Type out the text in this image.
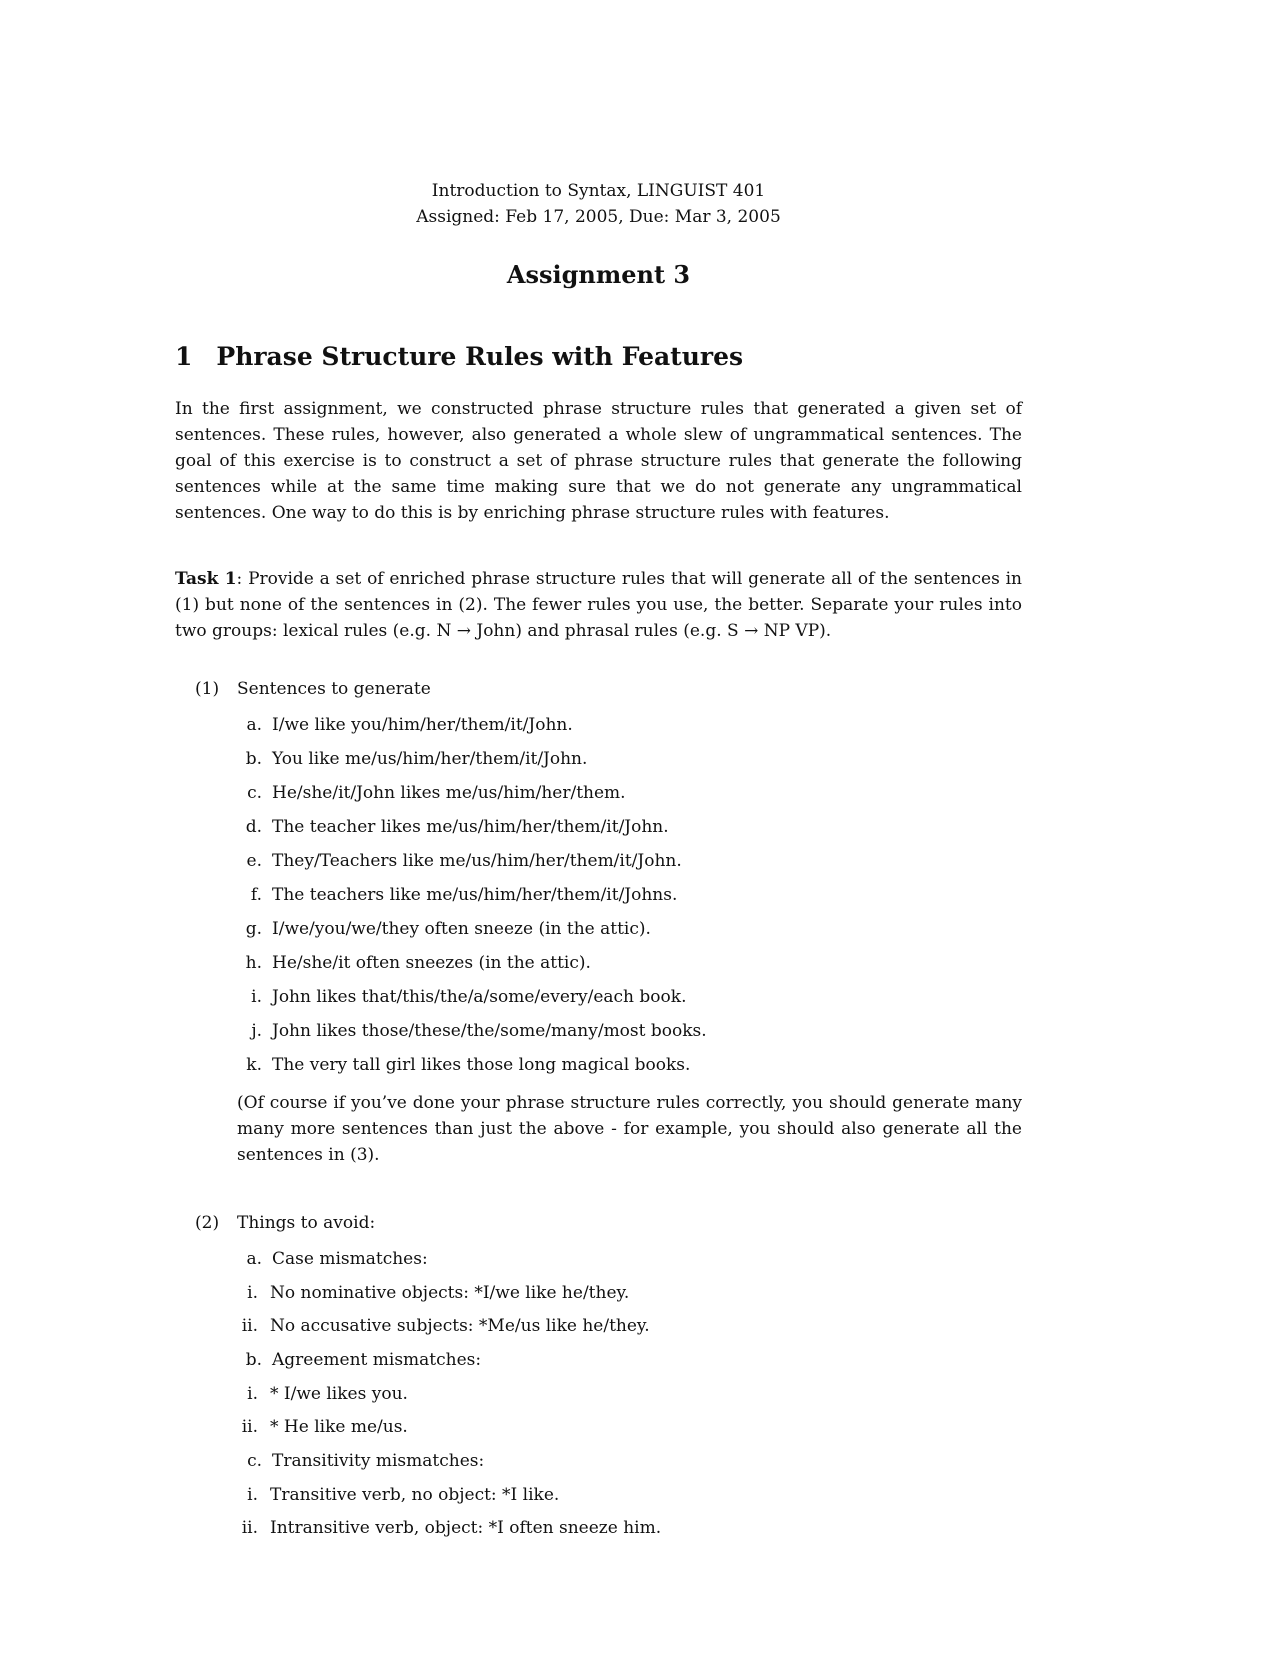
Introduction to Syntax, LINGUIST 401
Assigned: Feb 17, 2005, Due: Mar 3, 2005
Assignment 3
1 Phrase Structure Rules with Features

In the first assignment, we constructed phrase structure rules that generated a given set of sentences. These rules, however, also generated a whole slew of ungrammatical sentences. The goal of this exercise is to construct a set of phrase structure rules that generate the following sentences while at the same time making sure that we do not generate any ungrammatical sentences. One way to do this is by enriching phrase structure rules with features.

Task 1: Provide a set of enriched phrase structure rules that will generate all of the sentences in (1) but none of the sentences in (2). The fewer rules you use, the better. Separate your rules into two groups: lexical rules (e.g. N → John) and phrasal rules (e.g. S → NP VP).

(1)	Sentences to generate
a. I/we like you/him/her/them/it/John.
b. You like me/us/him/her/them/it/John.
c. He/she/it/John likes me/us/him/her/them.
d. The teacher likes me/us/him/her/them/it/John.
e. They/Teachers like me/us/him/her/them/it/John.
f. The teachers like me/us/him/her/them/it/Johns.
g. I/we/you/we/they often sneeze (in the attic).
h. He/she/it often sneezes (in the attic).
i. John likes that/this/the/a/some/every/each book.
j. John likes those/these/the/some/many/most books.
k. The very tall girl likes those long magical books.

(Of course if you’ve done your phrase structure rules correctly, you should generate many many more sentences than just the above - for example, you should also generate all the sentences in (3).

(2)	Things to avoid:
a. Case mismatches:
i. No nominative objects: *I/we like he/they.
ii. No accusative subjects: *Me/us like he/they.
b. Agreement mismatches:
i. * I/we likes you.
ii. * He like me/us.
c. Transitivity mismatches:
i. Transitive verb, no object: *I like.
ii. Intransitive verb, object: *I often sneeze him.
